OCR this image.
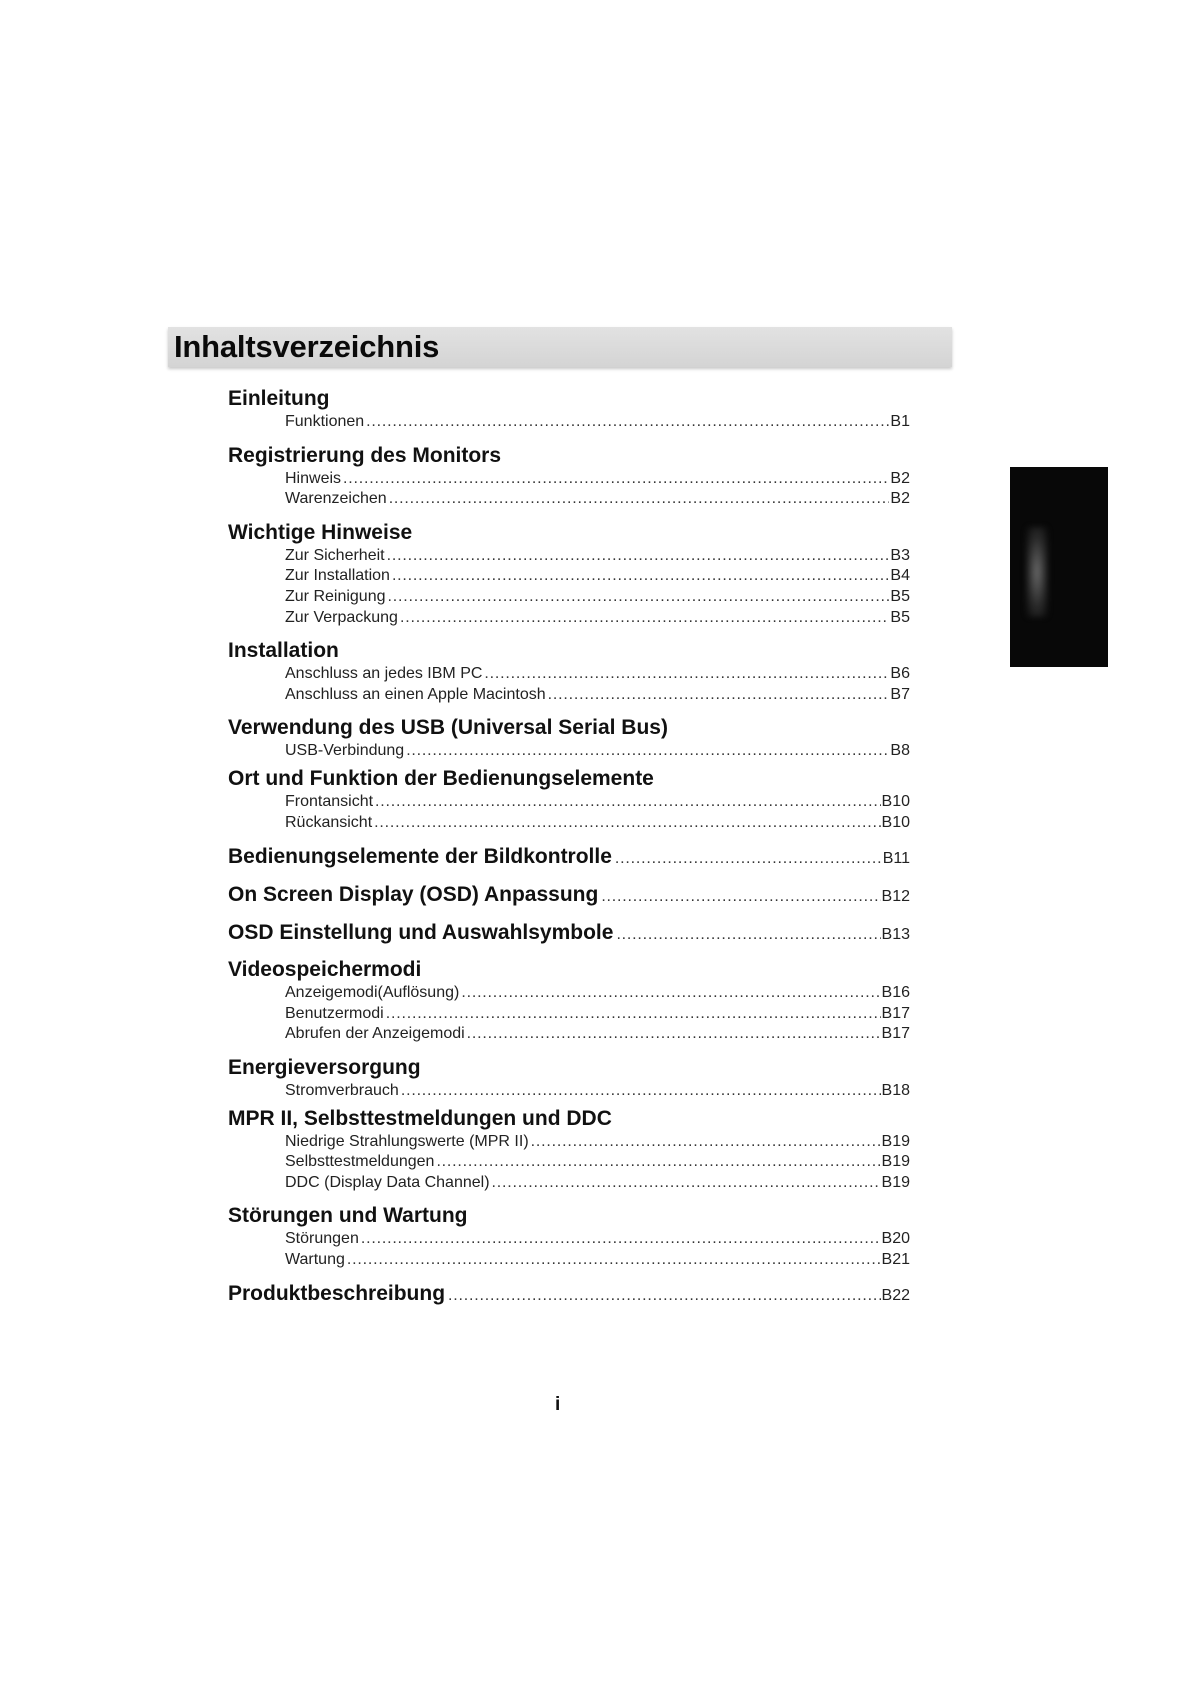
Inhaltsverzeichnis
Einleitung
Funktionen .....	B1
Registrierung des Monitors
Hinweis .....	B2
Warenzeichen .....	B2
Wichtige Hinweise
Zur Sicherheit .....	B3
Zur Installation .....	B4
Zur Reinigung .....	B5
Zur Verpackung .....	B5
Installation
Anschluss an jedes IBM PC .....	B6
Anschluss an einen Apple Macintosh .....	B7
Verwendung des USB (Universal Serial Bus)
USB-Verbindung .....	B8
Ort und Funktion der Bedienungselemente
Frontansicht .....	B10
Rückansicht .....	B10
Bedienungselemente der Bildkontrolle .....	B11
On Screen Display (OSD) Anpassung .....	B12
OSD Einstellung und Auswahlsymbole .....	B13
Videospeichermodi
Anzeigemodi(Auflösung) .....	B16
Benutzermodi .....	B17
Abrufen der Anzeigemodi .....	B17
Energieversorgung
Stromverbrauch .....	B18
MPR II, Selbsttestmeldungen und DDC
Niedrige Strahlungswerte (MPR II) .....	B19
Selbsttestmeldungen .....	B19
DDC (Display Data Channel) .....	B19
Störungen und Wartung
Störungen .....	B20
Wartung .....	B21
Produktbeschreibung .....	B22
i
